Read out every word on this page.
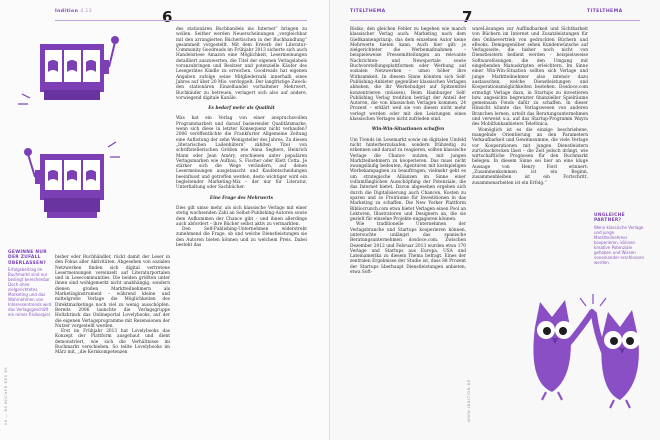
Indition 4.13	6
GEWINNE NUR
DER ZUFALL
ÜBERLASSEN?
Erfolgsbeitrag im Buchmarkt sind nur bedingt berechenbar. Doch ohne zielgerichtetes Marketing und das Wahrnehmen von Interessentrends wird das Verlagsgeschäft ein reines Risikospiel.
06 — BS BÜCHER DES BS

bisher oder Buchhändler, rückt damit der Leser in den Fokus aller Aktivitäten. Abgesehen von sozialen Netzwerken finden sich digital vertretene Lesermeinungen vereinzelt auf Literaturportalen und in Lesecommunities. Die beiden größten unter ihnen sind wohlgemerkt nicht unabhängig, sondern dienen großen Marktteilnehmern als Marketinginstrument – während kleine und mittelgroße Verlage die Möglichkeiten des Direktmarketings noch viel zu wenig ausschöpfen. Bereits 2006 launchte die Verlagsgruppe Holtzbrinck das Onlineportal Lovelybooks, auf der die eigenen Verlagsprogramme mit Rezensionen der Nutzer vorgestellt werden.

Erst im Frühjahr 2013 hat Lovelybooks das Konzept der Plattform ausgebaut und dient demonstriert, wie sich die Verhältnisse im Buchmarkt verschieben. So teilte Lovelybooks im März mit, „die Kernkompetenzen

des stationären Buchhandels ins Internet“ bringen zu wollen. Seither werden Neuerscheinungen „vergleichbar mit den arrangierten Büchertischen in der Buchhandlung“ gesammelt vorgestellt. Mit dem Erwerb der Literatur-Community Goodreads im Frühjahr 2013 sicherte sich auch Handelsriese Amazon eine Möglichkeit, Lesermeinungen detailliert auszuwerten, die Titel der eigenen Verlagslabels voranzubringen und Besitzer und potenzielle Käufer des Lesegerätes Kindle zu erreichen. Goodreads hat eigenen Angaben zufolge seine Mitgliederzahl innerhalb eines Jahres auf über 20 Mio. verdoppelt. Der langfristige Zweck: den stationären Einzelhandel vorhaltener Mehrwert, Buchkäufer zu betreuen, verlagert sich also auf andere, vorwiegend digitale Kanäle.

Es bedarf mehr als Qualität

Was hat ein Verlag von einer anspruchsvollen Programmarbeit und darauf basierender Qualitätsmarke, wenn sich diese in letzter Konsequenz nicht verkaufen? 2006 veröffentlichte die Frankfurter Allgemeine Zeitung eine Auflistung der zehn Wenigsteller des Jahres. Zu diesen „literarischen Ladenhütern“ zählten Titel von schriftstellerischen Größen wie Anna Seghers, Heinrich Mann oder Jean Améry, erschienen unter populären Verlagsmarken wie Aufbau, S. Fischer oder Klett Cotta. Je stärker sich die Wege verändern, auf denen Lesermeinungen ausgetauscht und Kaufentscheidungen beeinflusst und getroffen werden, desto wichtiger wird ein begleitender Marketing-Mix – der nur für Literatur, Unterhaltung oder Sachbücher.

Eine Frage des Mehrwerts

Dies gilt umso mehr, als sich klassische Verlage mit einer stetig wachsenden Zahl an Selbst-Publishing-Autoren sowie dem Aufkommen der Chance gibt – und ihnen allerdings auch abfordert – ihre Bücher selbst aktiv zu vermarkten.

Den Self-Publishing-Unternehmen widerstrebt zunehmend die Frage, ob und welche Dienstleistungen sie den Autoren bieten können und zu welchem Preis. Dabei besteht das

TITELTHEMA	7	TITELTHEMA

Risiko, den gleichen Fehler zu begehen wie manch klassischer Verlag auch: Marketing nach dem Gießkannenprinzip, das dem einzelnen Autor keine Mehrwerte bieten kann. Auch hier gilt: je zielgerichteter die Werbemaßnahmen – beispielsweise Pressemitteilungen an relevante Nachrichten- und Newsportale sowie Buchvorstellungsplattformen oder Werbung auf sozialen Netzwerken – umso höher ihre Wirksamkeit. In diesem Sinne könnten sich Self-Publishing-Anbieter gegenüber klassischen Verlagen abheben, die ihr Werbebudget auf Spitzentitel konzentrieren (müssen). Beim Hamburger Self-Publishing Verlag tredition beträgt der Anteil der Autoren, die von klassischen Verlagen kommen, 24 Prozent – erklärt weil sie von diesen nicht mehr verlegt werden oder mit den Leistungen eines klassischen Verlages nicht zufrieden sind.

Win-Win-Situationen schaffen

Um Trends im Lesemarkt sowie im digitalen Umfeld nicht hinterherzulaufen, sondern frühzeitig zu erkennen und darauf zu reagieren, sollten klassische Verlage die Chance nutzen, mit jungen Marktteilnehmern zu kooperieren. Das muss nicht zwangsläufig bedeuten, Agenturen mit kostspieligen Werbekampagnen zu beauftragen; vielmehr geht es um strategische Allianzen im Sinne einer vollumfänglichen Ausschöpfung der Potenziale, die das Internet bietet. Davon abgesehen ergeben sich durch die Digitalisierung auch Chancen, Kosten zu sparen und so Freiräume für Investitionen in das Marketing zu schaffen. Die New Yorker Plattform Bibliocrunch.com etwa bietet Verlagen einen Pool an Lektoren, Illustratoren und Designern an, die sie gezielt für einzelne Projekte engagieren können.

Wie traditionelle Unternehmen der Verlagsbranche und Startups kooperieren können, untersuchte unlängst das spanische Beratungsunternehmen dosdoce.com. Zwischen Dezember 2012 und Februar 2013 wurden etwa 170 Verlage und Startups aus Europa, USA und Lateinamerika zu diesem Thema befragt. Eines der zentralen Ergebnisse der Studie ist, dass 88 Prozent der Startups überhaupt Dienstleistungen anbieten, etwa Soft-

wareLösungen zur Auffindbarkeit und Sichtbarkeit von Büchern im Internet und Zusatzleistungen für den Onlinevertrieb von gedruckten Büchern und eBooks. Demgegenüber sehen Kundenwünsche auf Verlagsseite, die bisher noch nicht von Dienstleistern bedient werden – beispielsweise Softwarelösungen, die den Umgang mit eingehenden Manuskripten erleichtern. Im Sinne einer Win-Win-Situation sollten sich Verlage und junge Marktteilnehmer also intensiv dazu austauschen, welche Dienstleistungen und Kooperationsmöglichkeiten bestehen. Dosdoce.com ermutigt Verlage dazu, in Startups zu investieren bzw. angesichts begrenzter finanzieller Spielräume gemeinsam Fonds dafür zu schaffen. In dieser Hinsicht könnte das Verlagswesen von anderen Branchen lernen, urteilt das Beratungsunternehmen und verweist u.a. auf das Startup-Programm Wayra des Mobilfunkanbieters Telefónica.

Womöglich ist es die einzige beschriebene, mangelnde Orientierung an den Parametern Verkaufbarkeit und Gewinnsumme, die viele Verlage vor Kooperationen mit jungen Dienstleistern zurückschrecken lässt – die Zeit jedoch drängt, wie wirtschaftliche Prognosen für den Buchmarkt belegen. In diesem Sinne sei hier an eine kluge Aussage von Henry Ford erinnert: „Zusammenkommen ist ein Beginn, zusammenbleiben ist ein Fortschritt, zusammenarbeiten ist ein Erfolg.“

UNGLEICHE
PARTNER?
Wenn klassische Verlage und junge Marktteilnehmer kooperieren, können kreative Potenziale gehoben und Wissen voneinander erschlossen werden.
WWW.INDITION.DE
